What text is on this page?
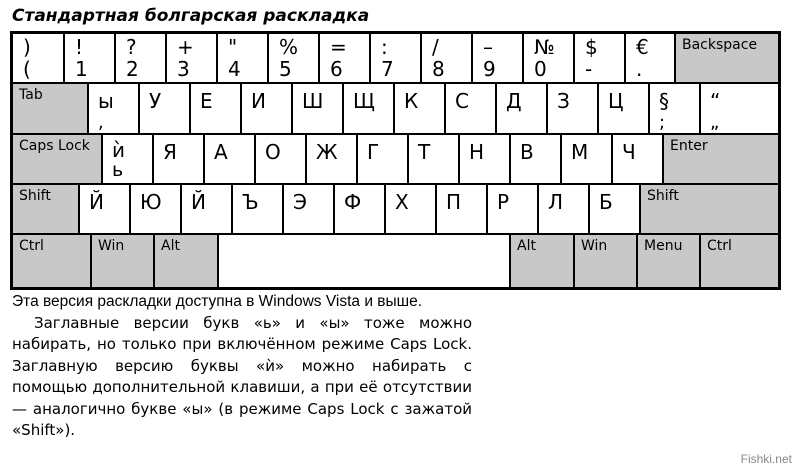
Стандартная болгарская раскладка
)
(
!
1
?
2
+
3
"
4
%
5
=
6
:
7
/
8
–
9
№
0
$
-
€
.
Backspace
Tab	ы
,
У Е И Ш Щ К С Д З Ц §
;
“
„
Caps Lock ѝ
ь
Я А О Ж Г Т Н В М Ч Enter
Shift Й Ю Й Ъ Э Ф Х П Р Л Б Shift
Ctrl	Win	Alt	Alt	Win	Menu Ctrl

Эта версия раскладки доступна в Windows Vista и выше.

Заглавные версии букв «ь» и «ы» тоже можно набирать, но только при включённом режиме Caps Lock. Заглавную версию буквы «ѝ» можно набирать с помощью дополнительной клавиши, а при её отсутствии — аналогично букве «ы» (в режиме Caps Lock с зажатой «Shift»).

Fishki.net
